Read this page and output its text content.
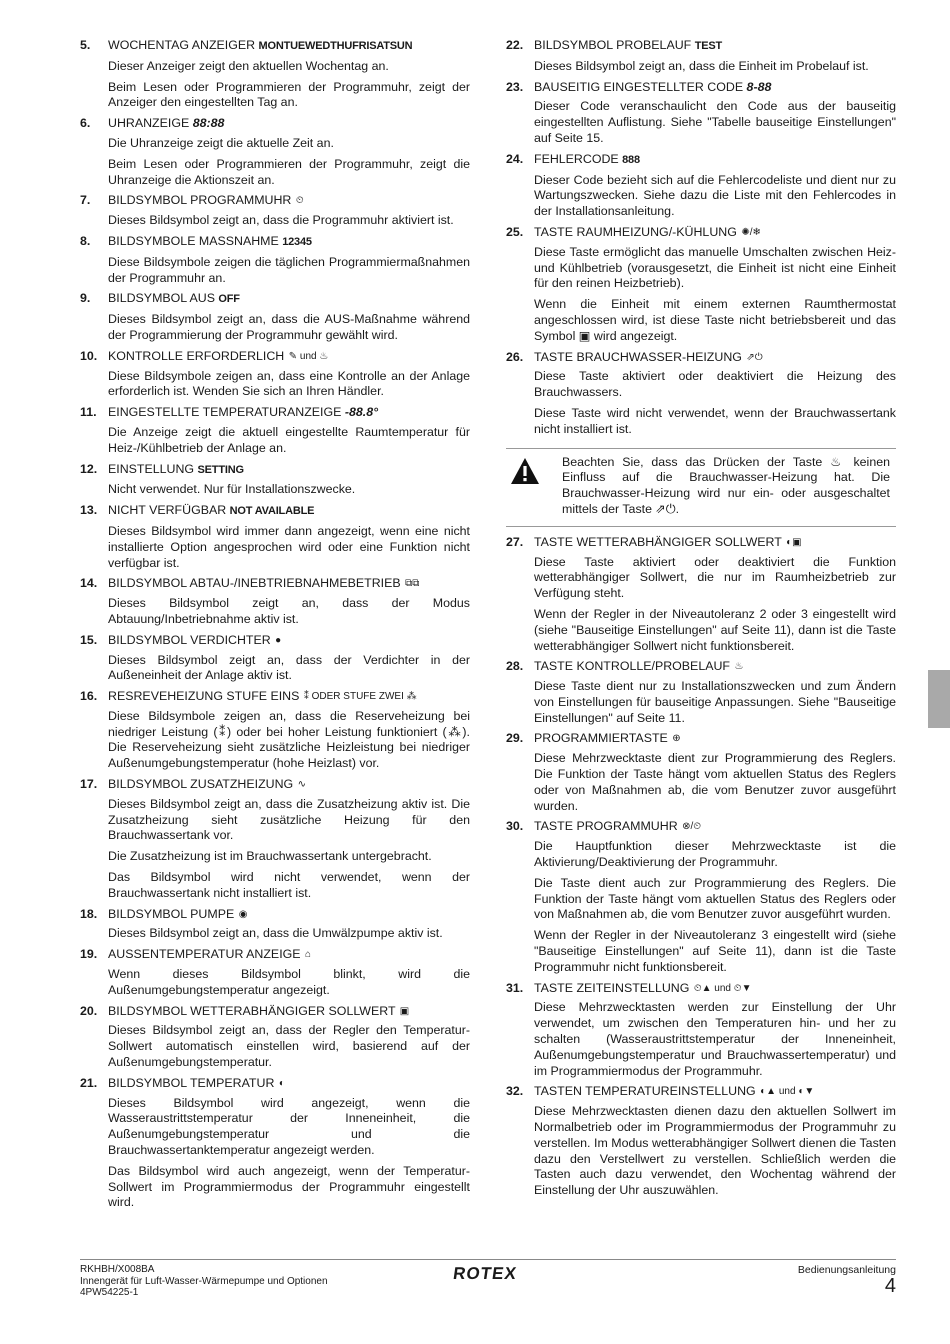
5.	WOCHENTAG ANZEIGER MONTUEWEDTHUFRISATSUN
Dieser Anzeiger zeigt den aktuellen Wochentag an.
Beim Lesen oder Programmieren der Programmuhr, zeigt der Anzeiger den eingestellten Tag an.
6.	UHRANZEIGE 88:88
Die Uhranzeige zeigt die aktuelle Zeit an.
Beim Lesen oder Programmieren der Programmuhr, zeigt die Uhranzeige die Aktionszeit an.
7.	BILDSYMBOL PROGRAMMUHR ⏲
Dieses Bildsymbol zeigt an, dass die Programmuhr aktiviert ist.
8.	BILDSYMBOLE MASSNAHME 12345
Diese Bildsymbole zeigen die täglichen Programmiermaßnahmen der Programmuhr an.
9.	BILDSYMBOL AUS OFF
Dieses Bildsymbol zeigt an, dass die AUS-Maßnahme während der Programmierung der Programmuhr gewählt wird.
10. KONTROLLE ERFORDERLICH ✎ und ♨
Diese Bildsymbole zeigen an, dass eine Kontrolle an der Anlage erforderlich ist. Wenden Sie sich an Ihren Händler.
11. EINGESTELLTE TEMPERATURANZEIGE -88.8°
Die Anzeige zeigt die aktuell eingestellte Raumtemperatur für Heiz-/Kühlbetrieb der Anlage an.
12. EINSTELLUNG SETTING
Nicht verwendet. Nur für Installationszwecke.
13. NICHT VERFÜGBAR NOT AVAILABLE
Dieses Bildsymbol wird immer dann angezeigt, wenn eine nicht installierte Option angesprochen wird oder eine Funktion nicht verfügbar ist.
14. BILDSYMBOL ABTAU-/INEBTRIEBNAHMEBETRIEB ⧉⧉
Dieses Bildsymbol zeigt an, dass der Modus Abtauung/Inbetriebnahme aktiv ist.
15. BILDSYMBOL VERDICHTER ●
Dieses Bildsymbol zeigt an, dass der Verdichter in der Außeneinheit der Anlage aktiv ist.
16. RESREVEHEIZUNG STUFE EINS ⁑ ODER STUFE ZWEI ⁂
Diese Bildsymbole zeigen an, dass die Reserveheizung bei niedriger Leistung (⁑) oder bei hoher Leistung funktioniert (⁂). Die Reserveheizung sieht zusätzliche Heizleistung bei niedriger Außenumgebungstemperatur (hohe Heizlast) vor.
17. BILDSYMBOL ZUSATZHEIZUNG ∿
Dieses Bildsymbol zeigt an, dass die Zusatzheizung aktiv ist. Die Zusatzheizung sieht zusätzliche Heizung für den Brauchwassertank vor.
Die Zusatzheizung ist im Brauchwassertank untergebracht.
Das Bildsymbol wird nicht verwendet, wenn der Brauchwassertank nicht installiert ist.
18. BILDSYMBOL PUMPE ◉
Dieses Bildsymbol zeigt an, dass die Umwälzpumpe aktiv ist.
19. AUSSENTEMPERATUR ANZEIGE ⌂
Wenn dieses Bildsymbol blinkt, wird die Außenumgebungstemperatur angezeigt.
20. BILDSYMBOL WETTERABHÄNGIGER SOLLWERT ▣
Dieses Bildsymbol zeigt an, dass der Regler den Temperatur-Sollwert automatisch einstellen wird, basierend auf der Außenumgebungstemperatur.
21. BILDSYMBOL TEMPERATUR ◐
Dieses Bildsymbol wird angezeigt, wenn die Wasseraustrittstemperatur der Inneneinheit, die Außenumgebungstemperatur und die Brauchwassertanktemperatur angezeigt werden.
Das Bildsymbol wird auch angezeigt, wenn der Temperatur-Sollwert im Programmiermodus der Programmuhr eingestellt wird.
22. BILDSYMBOL PROBELAUF TEST
Dieses Bildsymbol zeigt an, dass die Einheit im Probelauf ist.
23. BAUSEITIG EINGESTELLTER CODE 8-88
Dieser Code veranschaulicht den Code aus der bauseitig eingestellten Auflistung. Siehe "Tabelle bauseitige Einstellungen" auf Seite 15.
24. FEHLERCODE 888
Dieser Code bezieht sich auf die Fehlercodeliste und dient nur zu Wartungszwecken. Siehe dazu die Liste mit den Fehlercodes in der Installationsanleitung.
25. TASTE RAUMHEIZUNG/-KÜHLUNG ✺/❄
Diese Taste ermöglicht das manuelle Umschalten zwischen Heiz- und Kühlbetrieb (vorausgesetzt, die Einheit ist nicht eine Einheit für den reinen Heizbetrieb).
Wenn die Einheit mit einem externen Raumthermostat angeschlossen wird, ist diese Taste nicht betriebsbereit und das Symbol ▣ wird angezeigt.
26. TASTE BRAUCHWASSER-HEIZUNG ⇗⏻
Diese Taste aktiviert oder deaktiviert die Heizung des Brauchwassers.
Diese Taste wird nicht verwendet, wenn der Brauchwassertank nicht installiert ist.
Beachten Sie, dass das Drücken der Taste ♨ keinen Einfluss auf die Brauchwasser-Heizung hat. Die Brauchwasser-Heizung wird nur ein- oder ausgeschaltet mittels der Taste ⇗⏻.
27. TASTE WETTERABHÄNGIGER SOLLWERT ◐▣
Diese Taste aktiviert oder deaktiviert die Funktion wetterabhängiger Sollwert, die nur im Raumheizbetrieb zur Verfügung steht.
Wenn der Regler in der Niveautoleranz 2 oder 3 eingestellt wird (siehe "Bauseitige Einstellungen" auf Seite 11), dann ist die Taste wetterabhängiger Sollwert nicht funktionsbereit.
28. TASTE KONTROLLE/PROBELAUF ♨
Diese Taste dient nur zu Installationszwecken und zum Ändern von Einstellungen für bauseitige Anpassungen. Siehe "Bauseitige Einstellungen" auf Seite 11.
29. PROGRAMMIERTASTE ⊕
Diese Mehrzwecktaste dient zur Programmierung des Reglers. Die Funktion der Taste hängt vom aktuellen Status des Reglers oder von Maßnahmen ab, die vom Benutzer zuvor ausgeführt wurden.
30. TASTE PROGRAMMUHR ⊗/⏲
Die Hauptfunktion dieser Mehrzwecktaste ist die Aktivierung/Deaktivierung der Programmuhr.
Die Taste dient auch zur Programmierung des Reglers. Die Funktion der Taste hängt vom aktuellen Status des Reglers oder von Maßnahmen ab, die vom Benutzer zuvor ausgeführt wurden.
Wenn der Regler in der Niveautoleranz 3 eingestellt wird (siehe "Bauseitige Einstellungen" auf Seite 11), dann ist die Taste Programmuhr nicht funktionsbereit.
31. TASTE ZEITEINSTELLUNG ⏲▲ und ⏲▼
Diese Mehrzwecktasten werden zur Einstellung der Uhr verwendet, um zwischen den Temperaturen hin- und her zu schalten (Wasseraustrittstemperatur der Inneneinheit, Außenumgebungstemperatur und Brauchwassertemperatur) und im Programmiermodus der Programmuhr.
32. TASTEN TEMPERATUREINSTELLUNG ◐▲ und ◐▼
Diese Mehrzwecktasten dienen dazu den aktuellen Sollwert im Normalbetrieb oder im Programmiermodus der Programmuhr zu verstellen. Im Modus wetterabhängiger Sollwert dienen die Tasten dazu den Verstellwert zu verstellen. Schließlich werden die Tasten auch dazu verwendet, den Wochentag während der Einstellung der Uhr auszuwählen.
RKHBH/X008BA
Innengerät für Luft-Wasser-Wärmepumpe und Optionen
4PW54225-1
ROTEX	Bedienungsanleitung
4
